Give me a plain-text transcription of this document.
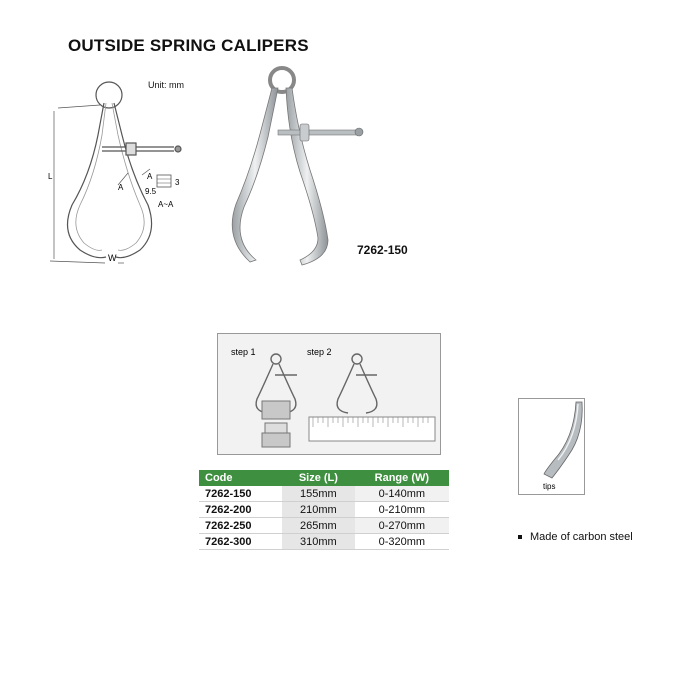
OUTSIDE SPRING CALIPERS
Unit: mm
L
W
A
A
9.5
3
A~A
7262-150
step 1	step 2
Code	Size (L)	Range (W)
7262-150	155mm	0-140mm
7262-200	210mm	0-210mm
7262-250	265mm	0-270mm
7262-300	310mm	0-320mm
tips
Made of carbon steel
